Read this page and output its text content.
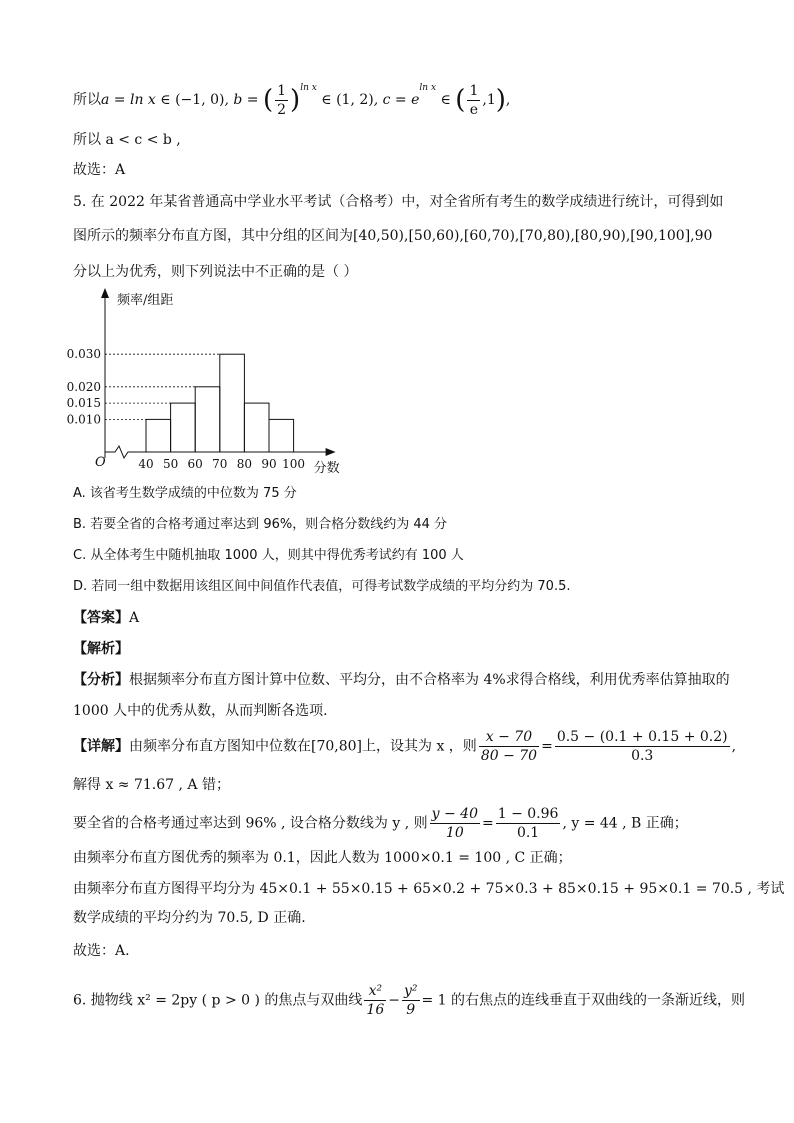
所以a = ln x ∈ (−1, 0), b = ( $\frac{1}{2} )^{ln x}$ ∈ (1, 2), $c = e^{ln x}$ ∈ ( $\frac{1}{e} ,1$),
所以 a < c < b ,
故选：A
5. 在 2022 年某省普通高中学业水平考试（合格考）中，对全省所有考生的数学成绩进行统计，可得到如
图所示的频率分布直方图，其中分组的区间为[40,50),[50,60),[60,70),[70,80),[80,90),[90,100],90
分以上为优秀，则下列说法中不正确的是（ ）
0.010
0.015
0.020
0.030
40 50 60 70 80 90 100
O
频率/组距
分数
A. 该省考生数学成绩的中位数为 75 分
B. 若要全省的合格考通过率达到 96%，则合格分数线约为 44 分
C. 从全体考生中随机抽取 1000 人，则其中得优秀考试约有 100 人
D. 若同一组中数据用该组区间中间值作代表值，可得考试数学成绩的平均分约为 70.5.
【答案】A
【解析】
【分析】根据频率分布直方图计算中位数、平均分，由不合格率为 4%求得合格线，利用优秀率估算抽取的
1000 人中的优秀从数，从而判断各选项.
【详解】由频率分布直方图知中位数在[70,80]上，设其为 x ，则 $\frac{x - 70}{80 - 70} = \frac{0.5 - (0.1 + 0.15 + 0.2)}{0.3}$ ,
解得 x ≈ 71.67 , A 错；
要全省的合格考通过率达到 96% , 设合格分数线为 y , 则 $\frac{y - 40}{10} = \frac{1 - 0.96}{0.1}$ , y = 44 , B 正确；
由频率分布直方图优秀的频率为 0.1，因此人数为 1000×0.1 = 100 , C 正确；
由频率分布直方图得平均分为 45×0.1 + 55×0.15 + 65×0.2 + 75×0.3 + 85×0.15 + 95×0.1 = 70.5 , 考试
数学成绩的平均分约为 70.5, D 正确.
故选：A.
6. 抛物线 x² = 2py ( p > 0 ) 的焦点与双曲线 $\frac{\text{x²}}{16} - \frac{\text{y²}}{9} = 1$ 的右焦点的连线垂直于双曲线的一条渐近线，则
